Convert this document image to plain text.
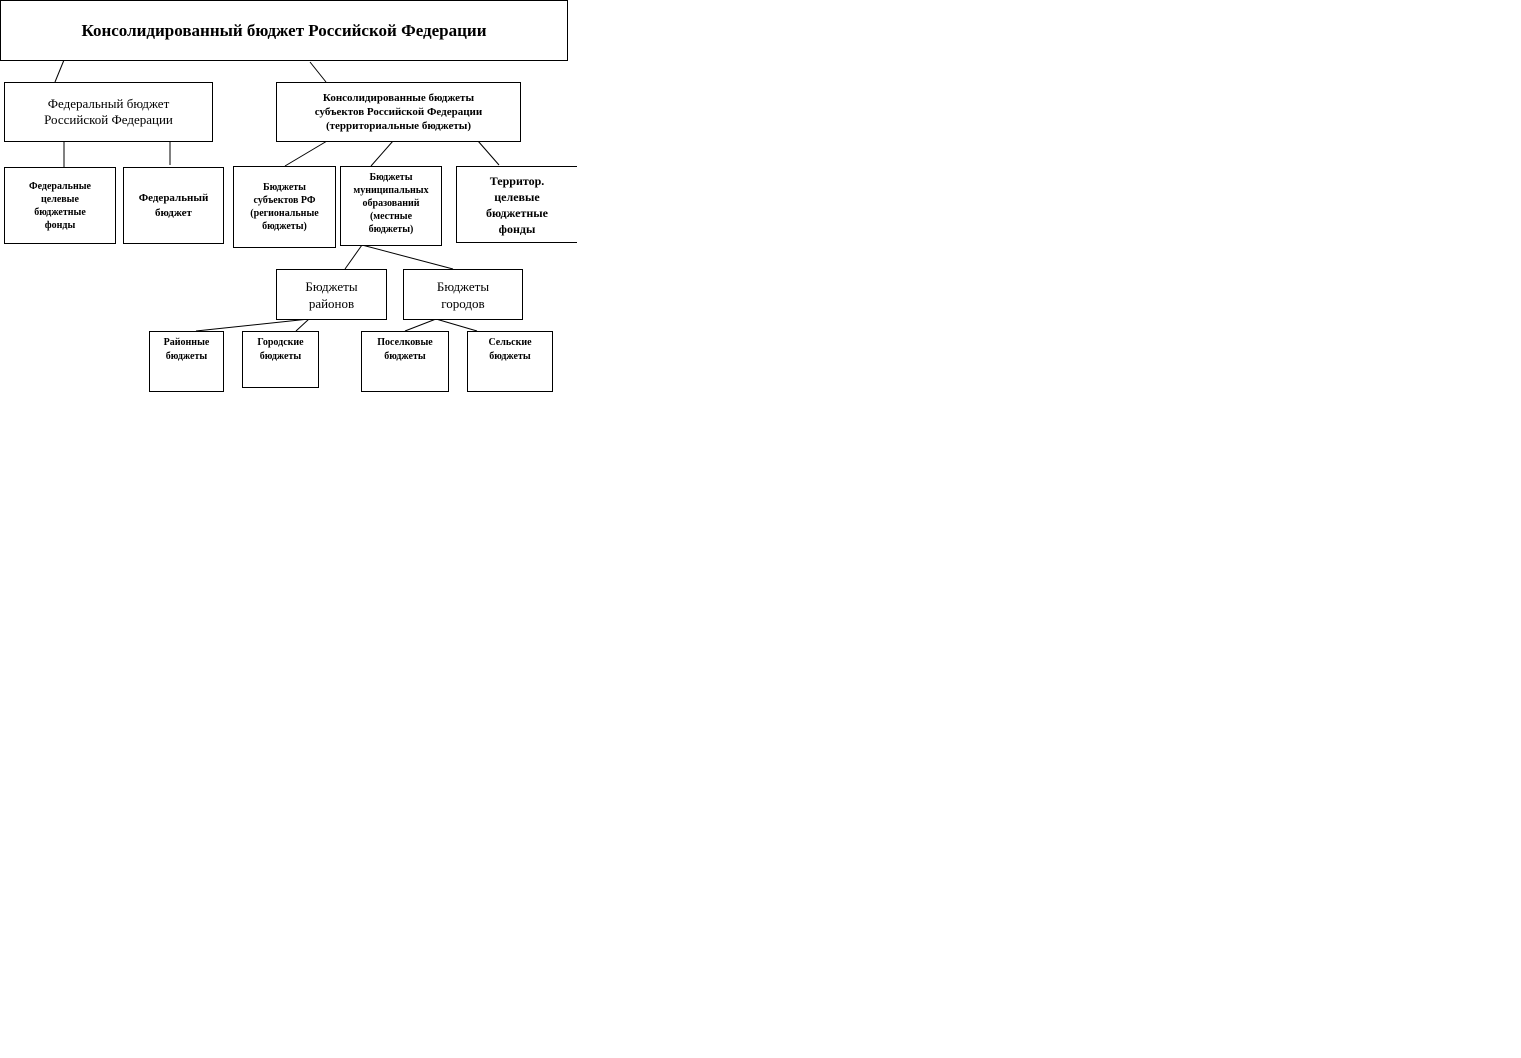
Консолидированный бюджет Российской Федерации
Федеральный бюджет
Российской Федерации
Консолидированные бюджеты
субъектов Российской Федерации
(территориальные бюджеты)
Федеральные
целевые
бюджетные
фонды
Федеральный
бюджет
Бюджеты
субъектов РФ
(региональные
бюджеты)
Бюджеты
муниципальных
образований
(местные
бюджеты)
Территор.
целевые
бюджетные
фонды
Бюджеты
районов
Бюджеты
городов
Районные
бюджеты
Городские
бюджеты
Поселковые
бюджеты
Сельские
бюджеты
